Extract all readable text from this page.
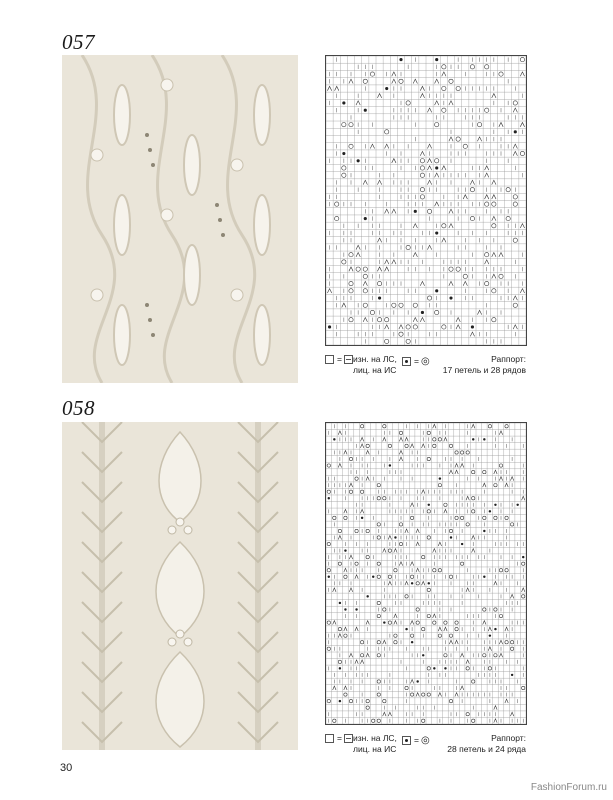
057
=	изн. на ЛС,
лиц. на ИС
= ◎	Раппорт:
17 петель и 28 рядов
058
=	изн. на ЛС,
лиц. на ИС
= ◎	Раппорт:
28 петель и 24 ряда
30
FashionForum.ru
